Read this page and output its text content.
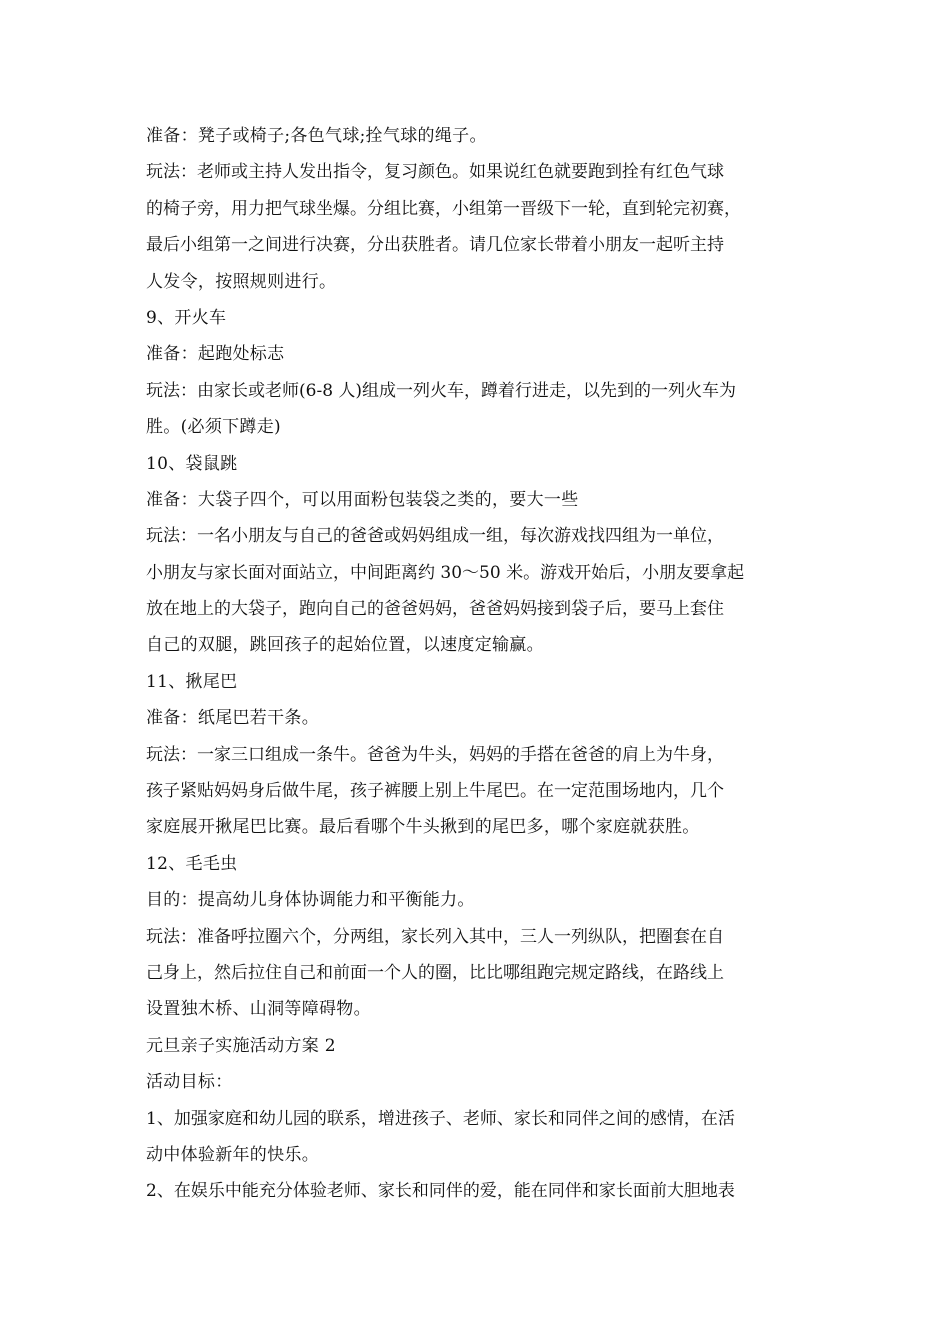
准备：凳子或椅子;各色气球;拴气球的绳子。
玩法：老师或主持人发出指令，复习颜色。如果说红色就要跑到拴有红色气球
的椅子旁，用力把气球坐爆。分组比赛，小组第一晋级下一轮，直到轮完初赛，
最后小组第一之间进行决赛，分出获胜者。请几位家长带着小朋友一起听主持
人发令，按照规则进行。
9、开火车
准备：起跑处标志
玩法：由家长或老师(6-8 人)组成一列火车，蹲着行进走，以先到的一列火车为
胜。(必须下蹲走)
10、袋鼠跳
准备：大袋子四个，可以用面粉包装袋之类的，要大一些
玩法：一名小朋友与自己的爸爸或妈妈组成一组，每次游戏找四组为一单位，
小朋友与家长面对面站立，中间距离约 30～50 米。游戏开始后，小朋友要拿起
放在地上的大袋子，跑向自己的爸爸妈妈，爸爸妈妈接到袋子后，要马上套住
自己的双腿，跳回孩子的起始位置，以速度定输赢。
11、揪尾巴
准备：纸尾巴若干条。
玩法：一家三口组成一条牛。爸爸为牛头，妈妈的手搭在爸爸的肩上为牛身，
孩子紧贴妈妈身后做牛尾，孩子裤腰上别上牛尾巴。在一定范围场地内，几个
家庭展开揪尾巴比赛。最后看哪个牛头揪到的尾巴多，哪个家庭就获胜。
12、毛毛虫
目的：提高幼儿身体协调能力和平衡能力。
玩法：准备呼拉圈六个，分两组，家长列入其中，三人一列纵队，把圈套在自
己身上，然后拉住自己和前面一个人的圈，比比哪组跑完规定路线，在路线上
设置独木桥、山洞等障碍物。
元旦亲子实施活动方案 2
活动目标：
1、加强家庭和幼儿园的联系，增进孩子、老师、家长和同伴之间的感情，在活
动中体验新年的快乐。
2、在娱乐中能充分体验老师、家长和同伴的爱，能在同伴和家长面前大胆地表
